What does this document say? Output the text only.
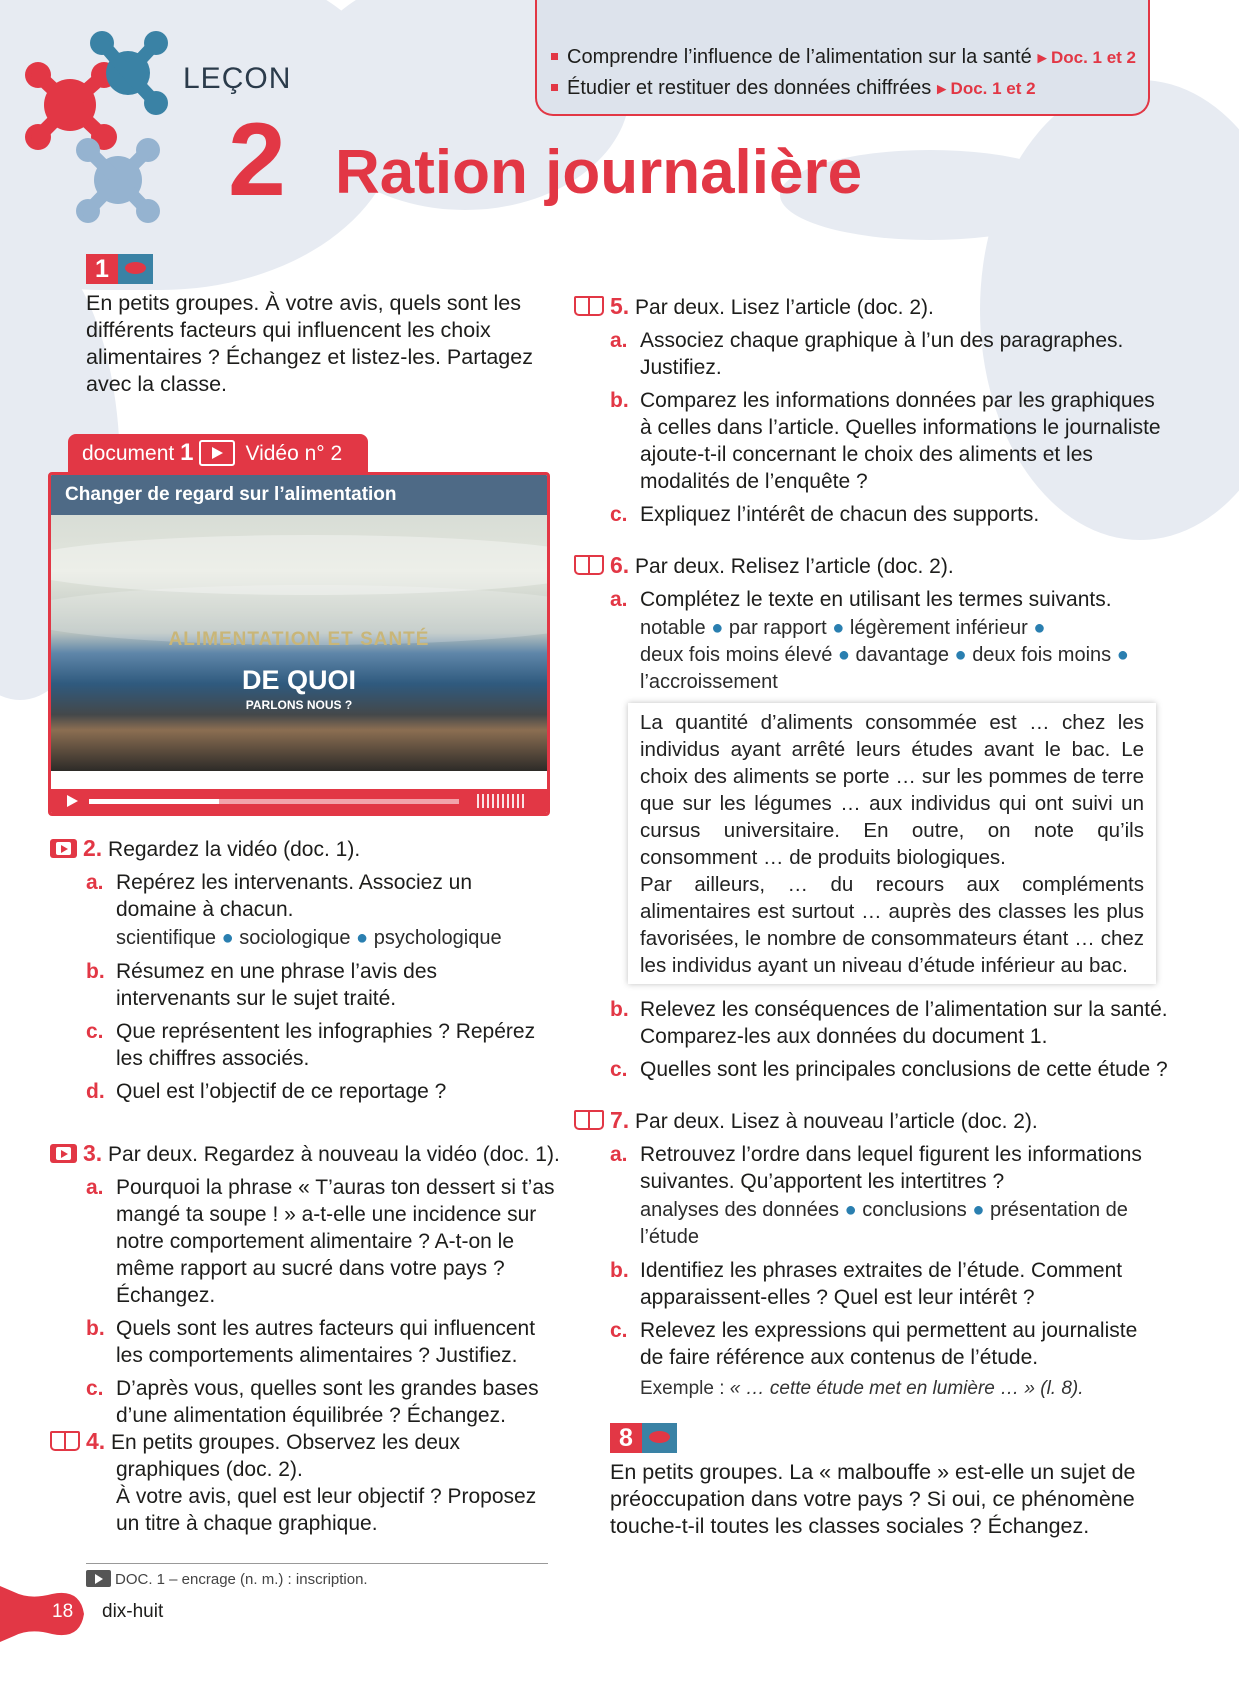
LEÇON
2 Ration journalière
Comprendre l’influence de l’alimentation sur la santé ▸ Doc. 1 et 2
Étudier et restituer des données chiffrées ▸ Doc. 1 et 2
1
En petits groupes. À votre avis, quels sont les différents facteurs qui influencent les choix alimentaires ? Échangez et listez-les. Partagez avec la classe.
document 1 Vidéo n° 2
Changer de regard sur l’alimentation
ALIMENTATION ET SANTÉ
DE QUOI
PARLONS NOUS ?
2. Regardez la vidéo (doc. 1).
a. Repérez les intervenants. Associez un domaine à chacun.
scientifique ● sociologique ● psychologique
b. Résumez en une phrase l’avis des intervenants sur le sujet traité.
c. Que représentent les infographies ? Repérez les chiffres associés.
d. Quel est l’objectif de ce reportage ?
3. Par deux. Regardez à nouveau la vidéo (doc. 1).
a. Pourquoi la phrase « T’auras ton dessert si t’as mangé ta soupe ! » a-t-elle une incidence sur notre comportement alimentaire ? A-t-on le même rapport au sucré dans votre pays ? Échangez.
b. Quels sont les autres facteurs qui influencent les comportements alimentaires ? Justifiez.
c. D’après vous, quelles sont les grandes bases d’une alimentation équilibrée ? Échangez.
4. En petits groupes. Observez les deux graphiques (doc. 2).
À votre avis, quel est leur objectif ? Proposez un titre à chaque graphique.
5. Par deux. Lisez l’article (doc. 2).
a. Associez chaque graphique à l’un des paragraphes. Justifiez.
b. Comparez les informations données par les graphiques à celles dans l’article. Quelles informations le journaliste ajoute-t-il concernant le choix des aliments et les modalités de l’enquête ?
c. Expliquez l’intérêt de chacun des supports.
6. Par deux. Relisez l’article (doc. 2).
a. Complétez le texte en utilisant les termes suivants.
notable ● par rapport ● légèrement inférieur ●
deux fois moins élevé ● davantage ● deux fois moins ●
l’accroissement

La quantité d’aliments consommée est … chez les individus ayant arrêté leurs études avant le bac. Le choix des aliments se porte … sur les pommes de terre que sur les légumes … aux individus qui ont suivi un cursus universitaire. En outre, on note qu’ils consomment … de produits biologiques.

Par ailleurs, … du recours aux compléments alimentaires est surtout … auprès des classes les plus favorisées, le nombre de consommateurs étant … chez les individus ayant un niveau d’étude inférieur au bac.

b. Relevez les conséquences de l’alimentation sur la santé. Comparez-les aux données du document 1.
c. Quelles sont les principales conclusions de cette étude ?
7. Par deux. Lisez à nouveau l’article (doc. 2).
a. Retrouvez l’ordre dans lequel figurent les informations suivantes. Qu’apportent les intertitres ?
analyses des données ● conclusions ● présentation de l’étude
b. Identifiez les phrases extraites de l’étude. Comment apparaissent-elles ? Quel est leur intérêt ?
c. Relevez les expressions qui permettent au journaliste de faire référence aux contenus de l’étude.
Exemple : « … cette étude met en lumière … » (l. 8).
8
En petits groupes. La « malbouffe » est-elle un sujet de préoccupation dans votre pays ? Si oui, ce phénomène touche-t-il toutes les classes sociales ? Échangez.
DOC. 1 – encrage (n. m.) : inscription.
18 dix-huit
